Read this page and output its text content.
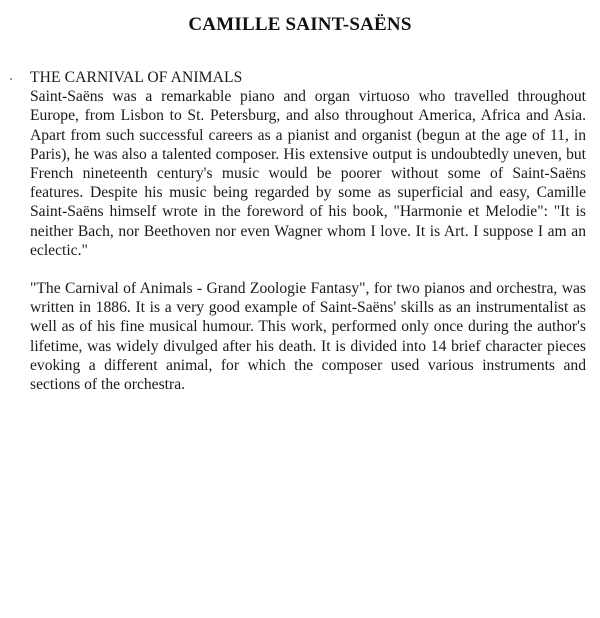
CAMILLE SAINT-SAËNS
THE CARNIVAL OF ANIMALS

Saint-Saëns was a remarkable piano and organ virtuoso who travelled throughout Europe, from Lisbon to St. Petersburg, and also throughout America, Africa and Asia. Apart from such successful careers as a pianist and organist (begun at the age of 11, in Paris), he was also a talented composer. His extensive output is undoubtedly uneven, but French nineteenth century's music would be poorer without some of Saint-Saëns features. Despite his music being regarded by some as superficial and easy, Camille Saint-Saëns himself wrote in the foreword of his book, "Harmonie et Melodie": "It is neither Bach, nor Beethoven nor even Wagner whom I love. It is Art. I suppose I am an eclectic."

"The Carnival of Animals - Grand Zoologie Fantasy", for two pianos and orchestra, was written in 1886. It is a very good example of Saint-Saëns' skills as an instrumentalist as well as of his fine musical humour. This work, performed only once during the author's lifetime, was widely divulged after his death. It is divided into 14 brief character pieces evoking a different animal, for which the composer used various instruments and sections of the orchestra.
